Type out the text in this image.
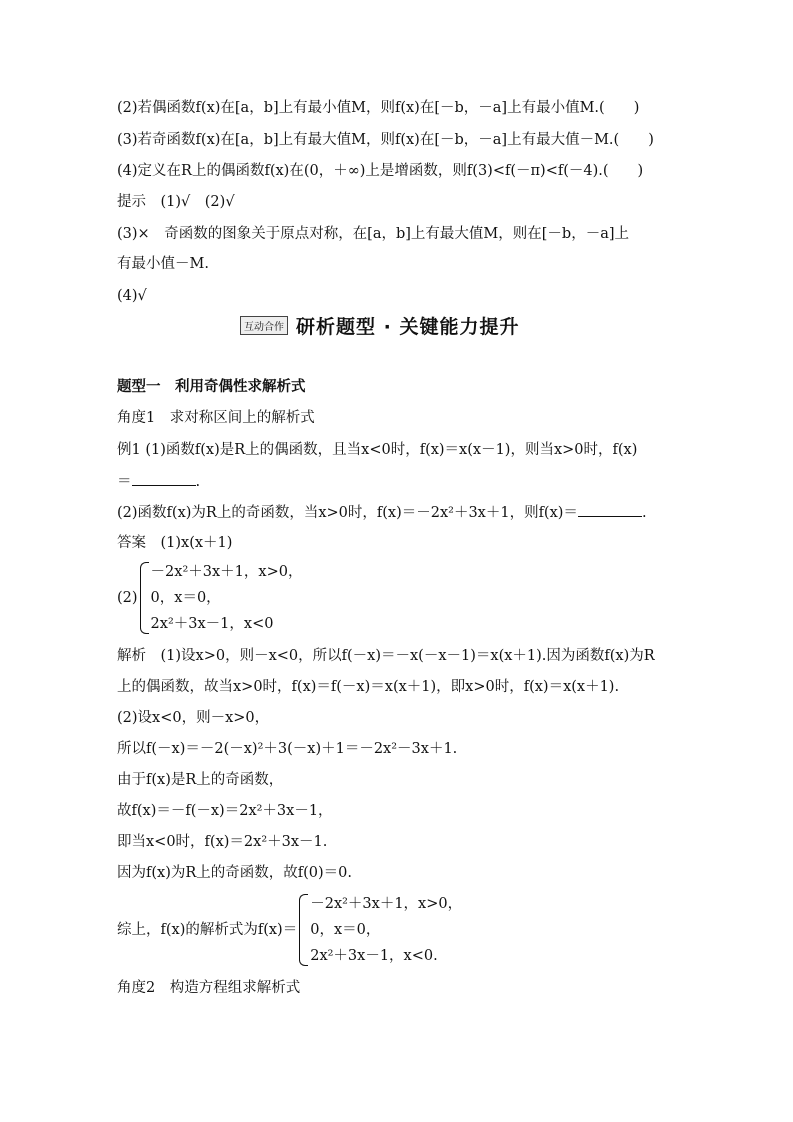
(2)若偶函数f(x)在[a，b]上有最小值M，则f(x)在[－b，－a]上有最小值M.(　　)
(3)若奇函数f(x)在[a，b]上有最大值M，则f(x)在[－b，－a]上有最大值－M.(　　)
(4)定义在R上的偶函数f(x)在(0，＋∞)上是增函数，则f(3)<f(－π)<f(－4).(　　)
提示　(1)√　(2)√
(3)×　奇函数的图象关于原点对称，在[a，b]上有最大值M，则在[－b，－a]上
有最小值－M.
(4)√
互动合作 研析题型 · 关键能力提升
题型一　利用奇偶性求解析式
角度1　求对称区间上的解析式
例1 (1)函数f(x)是R上的偶函数，且当x<0时，f(x)＝x(x－1)，则当x>0时，f(x)
＝	.
(2)函数f(x)为R上的奇函数，当x>0时，f(x)＝－2x²＋3x＋1，则f(x)＝	.
答案　(1)x(x＋1)
(2)
－2x²＋3x＋1，x>0，
0，x＝0，
2x²＋3x－1，x<0
解析　(1)设x>0，则－x<0，所以f(－x)＝－x(－x－1)＝x(x＋1).因为函数f(x)为R
上的偶函数，故当x>0时，f(x)＝f(－x)＝x(x＋1)，即x>0时，f(x)＝x(x＋1).
(2)设x<0，则－x>0，
所以f(－x)＝－2(－x)²＋3(－x)＋1＝－2x²－3x＋1.
由于f(x)是R上的奇函数，
故f(x)＝－f(－x)＝2x²＋3x－1，
即当x<0时，f(x)＝2x²＋3x－1.
因为f(x)为R上的奇函数，故f(0)＝0.
综上，f(x)的解析式为f(x)＝
－2x²＋3x＋1，x>0，
0，x＝0，
2x²＋3x－1，x<0.
角度2　构造方程组求解析式
